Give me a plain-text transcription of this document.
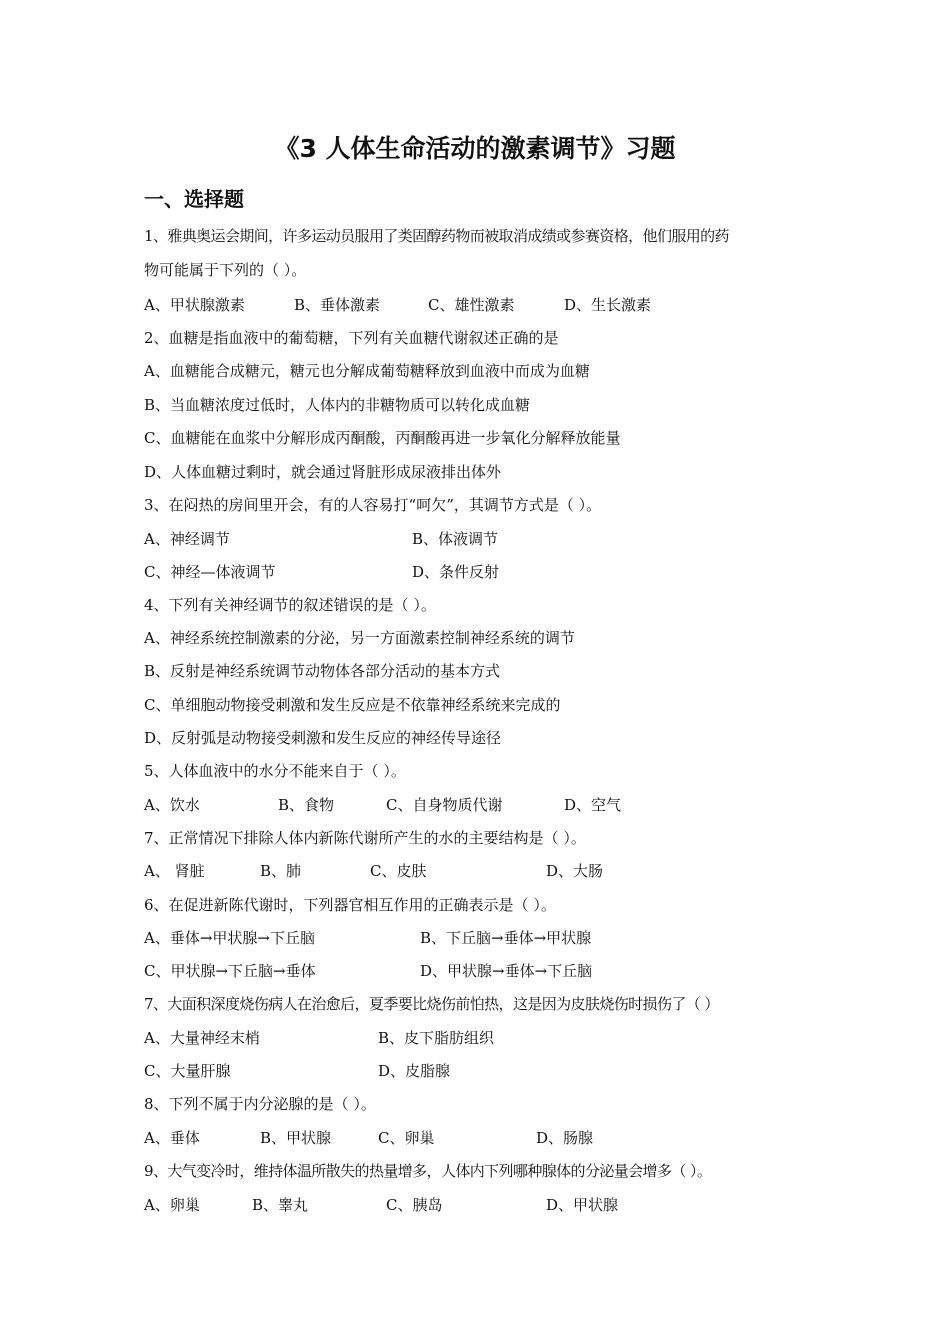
《3 人体生命活动的激素调节》习题
一、选择题
1、雅典奥运会期间，许多运动员服用了类固醇药物而被取消成绩或参赛资格，他们服用的药
物可能属于下列的（ ）。
A、甲状腺激素	B、垂体激素	C、雄性激素	D、生长激素
2、血糖是指血液中的葡萄糖，下列有关血糖代谢叙述正确的是
A、血糖能合成糖元，糖元也分解成葡萄糖释放到血液中而成为血糖
B、当血糖浓度过低时，人体内的非糖物质可以转化成血糖
C、血糖能在血浆中分解形成丙酮酸，丙酮酸再进一步氧化分解释放能量
D、人体血糖过剩时，就会通过肾脏形成尿液排出体外
3、在闷热的房间里开会，有的人容易打“呵欠”，其调节方式是（ ）。
A、神经调节	B、体液调节
C、神经—体液调节	D、条件反射
4、下列有关神经调节的叙述错误的是（ ）。
A、神经系统控制激素的分泌，另一方面激素控制神经系统的调节
B、反射是神经系统调节动物体各部分活动的基本方式
C、单细胞动物接受刺激和发生反应是不依靠神经系统来完成的
D、反射弧是动物接受刺激和发生反应的神经传导途径
5、人体血液中的水分不能来自于（ ）。
A、饮水	B、食物	C、自身物质代谢	D、空气
7、正常情况下排除人体内新陈代谢所产生的水的主要结构是（ ）。
A、 肾脏	B、肺	C、皮肤	D、大肠
6、在促进新陈代谢时，下列器官相互作用的正确表示是（ ）。
A、垂体→甲状腺→下丘脑	B、下丘脑→垂体→甲状腺
C、甲状腺→下丘脑→垂体	D、甲状腺→垂体→下丘脑
7、大面积深度烧伤病人在治愈后，夏季要比烧伤前怕热，这是因为皮肤烧伤时损伤了（ ）
A、大量神经末梢	B、皮下脂肪组织
C、大量肝腺	D、皮脂腺
8、下列不属于内分泌腺的是（ ）。
A、垂体	B、甲状腺	C、卵巢	D、肠腺
9、大气变冷时，维持体温所散失的热量增多，人体内下列哪种腺体的分泌量会增多（ ）。
A、卵巢	B、睾丸	C、胰岛	D、甲状腺
